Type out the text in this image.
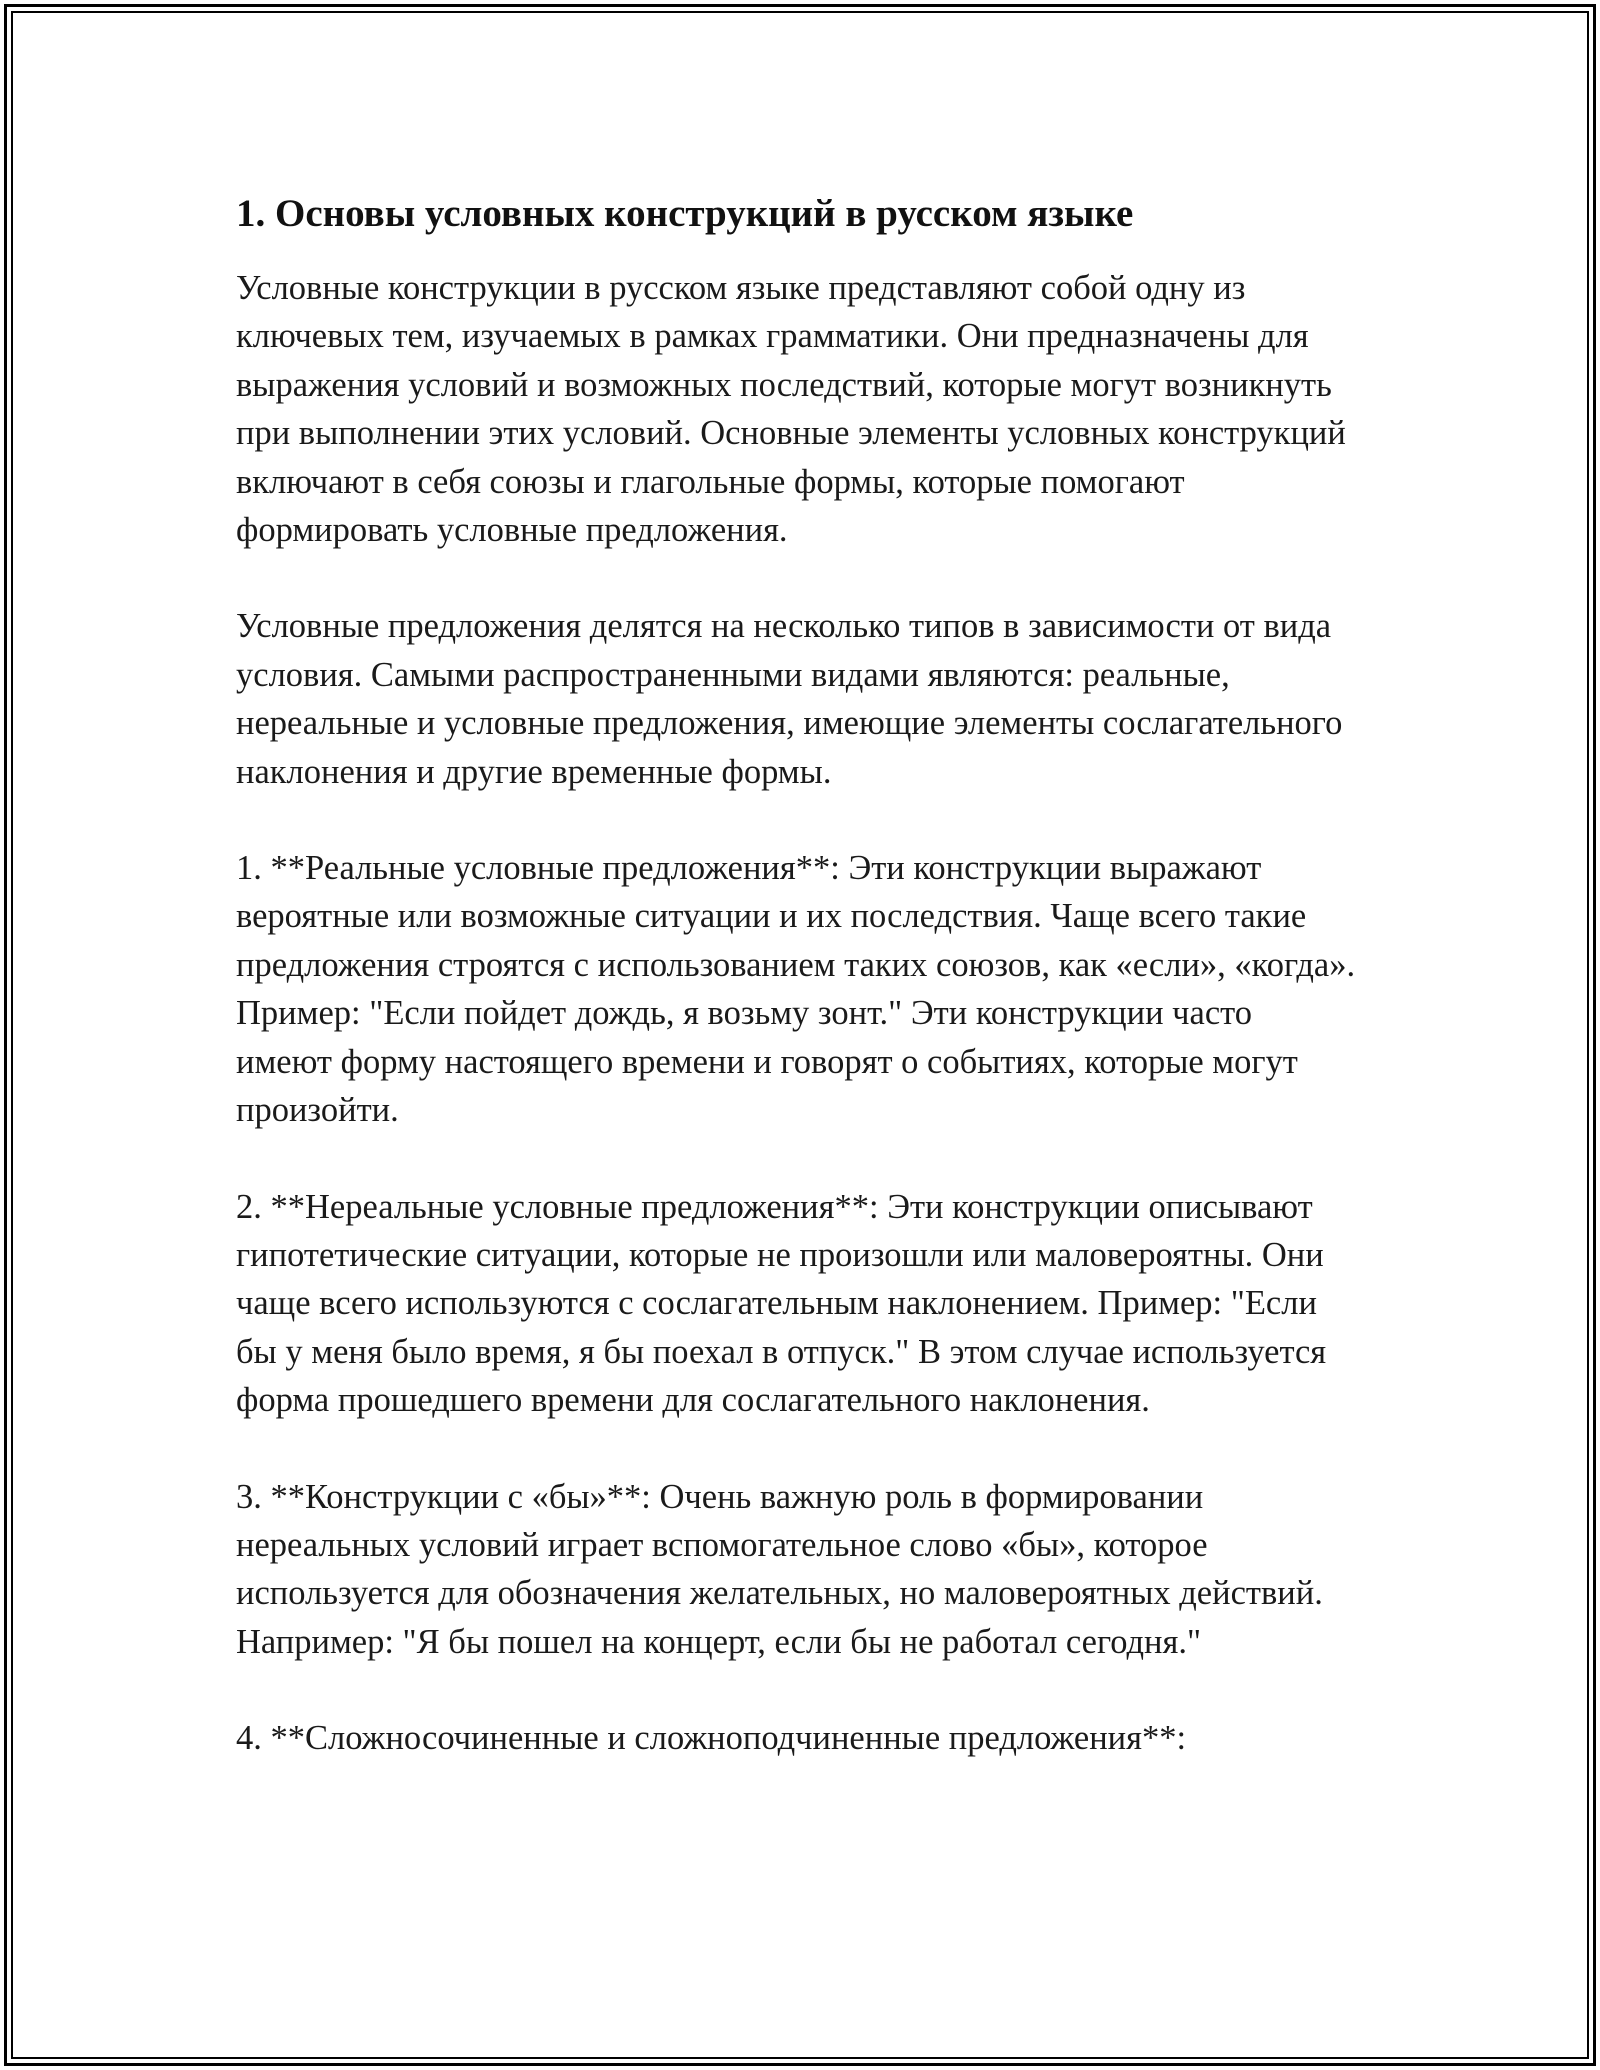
1. Основы условных конструкций в русском языке

Условные конструкции в русском языке представляют собой одну из ключевых тем, изучаемых в рамках грамматики. Они предназначены для выражения условий и возможных последствий, которые могут возникнуть при выполнении этих условий. Основные элементы условных конструкций включают в себя союзы и глагольные формы, которые помогают формировать условные предложения.

Условные предложения делятся на несколько типов в зависимости от вида условия. Самыми распространенными видами являются: реальные, нереальные и условные предложения, имеющие элементы сослагательного наклонения и другие временные формы.

1. **Реальные условные предложения**: Эти конструкции выражают вероятные или возможные ситуации и их последствия. Чаще всего такие предложения строятся с использованием таких союзов, как «если», «когда». Пример: "Если пойдет дождь, я возьму зонт." Эти конструкции часто имеют форму настоящего времени и говорят о событиях, которые могут произойти.

2. **Нереальные условные предложения**: Эти конструкции описывают гипотетические ситуации, которые не произошли или маловероятны. Они чаще всего используются с сослагательным наклонением. Пример: "Если бы у меня было время, я бы поехал в отпуск." В этом случае используется форма прошедшего времени для сослагательного наклонения.

3. **Конструкции с «бы»**: Очень важную роль в формировании нереальных условий играет вспомогательное слово «бы», которое используется для обозначения желательных, но маловероятных действий. Например: "Я бы пошел на концерт, если бы не работал сегодня."

4. **Сложносочиненные и сложноподчиненные предложения**:
